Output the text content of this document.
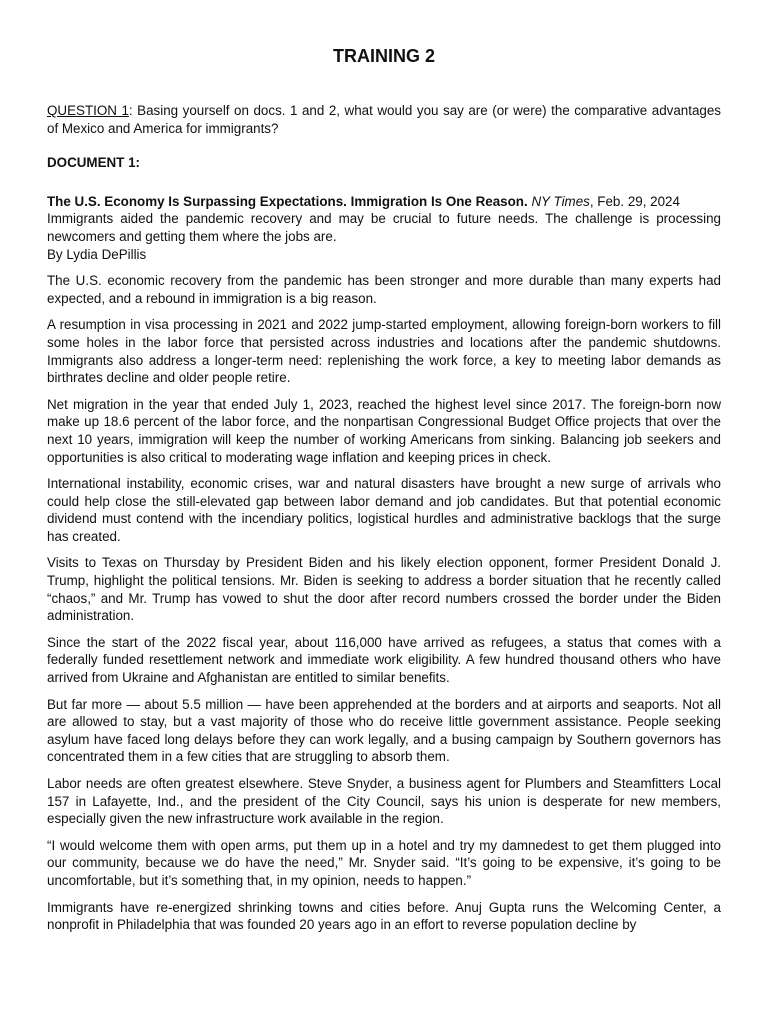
TRAINING 2

QUESTION 1: Basing yourself on docs. 1 and 2, what would you say are (or were) the comparative advantages of Mexico and America for immigrants?

DOCUMENT 1:

The U.S. Economy Is Surpassing Expectations. Immigration Is One Reason. NY Times, Feb. 29, 2024

Immigrants aided the pandemic recovery and may be crucial to future needs. The challenge is processing newcomers and getting them where the jobs are.

By Lydia DePillis

The U.S. economic recovery from the pandemic has been stronger and more durable than many experts had expected, and a rebound in immigration is a big reason.

A resumption in visa processing in 2021 and 2022 jump-started employment, allowing foreign-born workers to fill some holes in the labor force that persisted across industries and locations after the pandemic shutdowns. Immigrants also address a longer-term need: replenishing the work force, a key to meeting labor demands as birthrates decline and older people retire.

Net migration in the year that ended July 1, 2023, reached the highest level since 2017. The foreign-born now make up 18.6 percent of the labor force, and the nonpartisan Congressional Budget Office projects that over the next 10 years, immigration will keep the number of working Americans from sinking. Balancing job seekers and opportunities is also critical to moderating wage inflation and keeping prices in check.

International instability, economic crises, war and natural disasters have brought a new surge of arrivals who could help close the still-elevated gap between labor demand and job candidates. But that potential economic dividend must contend with the incendiary politics, logistical hurdles and administrative backlogs that the surge has created.

Visits to Texas on Thursday by President Biden and his likely election opponent, former President Donald J. Trump, highlight the political tensions. Mr. Biden is seeking to address a border situation that he recently called “chaos,” and Mr. Trump has vowed to shut the door after record numbers crossed the border under the Biden administration.

Since the start of the 2022 fiscal year, about 116,000 have arrived as refugees, a status that comes with a federally funded resettlement network and immediate work eligibility. A few hundred thousand others who have arrived from Ukraine and Afghanistan are entitled to similar benefits.

But far more — about 5.5 million — have been apprehended at the borders and at airports and seaports. Not all are allowed to stay, but a vast majority of those who do receive little government assistance. People seeking asylum have faced long delays before they can work legally, and a busing campaign by Southern governors has concentrated them in a few cities that are struggling to absorb them.

Labor needs are often greatest elsewhere. Steve Snyder, a business agent for Plumbers and Steamfitters Local 157 in Lafayette, Ind., and the president of the City Council, says his union is desperate for new members, especially given the new infrastructure work available in the region.

“I would welcome them with open arms, put them up in a hotel and try my damnedest to get them plugged into our community, because we do have the need,” Mr. Snyder said. “It’s going to be expensive, it’s going to be uncomfortable, but it’s something that, in my opinion, needs to happen.”

Immigrants have re-energized shrinking towns and cities before. Anuj Gupta runs the Welcoming Center, a nonprofit in Philadelphia that was founded 20 years ago in an effort to reverse population decline by
